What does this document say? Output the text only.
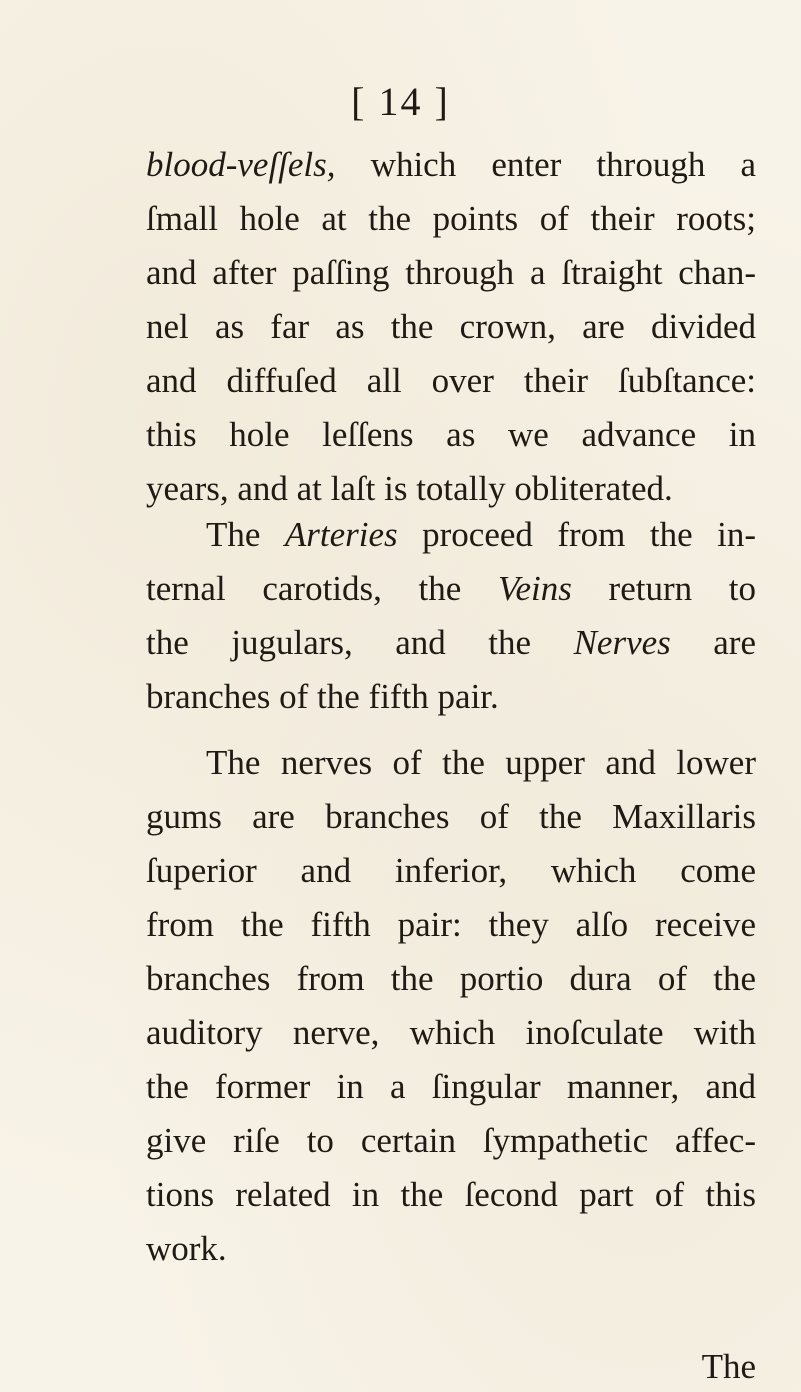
[ 14 ]
blood-veſſels, which enter through a
ſmall hole at the points of their roots;
and after paſſing through a ſtraight chan-
nel as far as the crown, are divided
and diffuſed all over their ſubſtance:
this hole leſſens as we advance in
years, and at laſt is totally obliterated.
The Arteries proceed from the in-
ternal carotids, the Veins return to
the jugulars, and the Nerves are
branches of the fifth pair.
The nerves of the upper and lower
gums are branches of the Maxillaris
ſuperior and inferior, which come
from the fifth pair: they alſo receive
branches from the portio dura of the
auditory nerve, which inoſculate with
the former in a ſingular manner, and
give riſe to certain ſympathetic affec-
tions related in the ſecond part of this
work.
The
